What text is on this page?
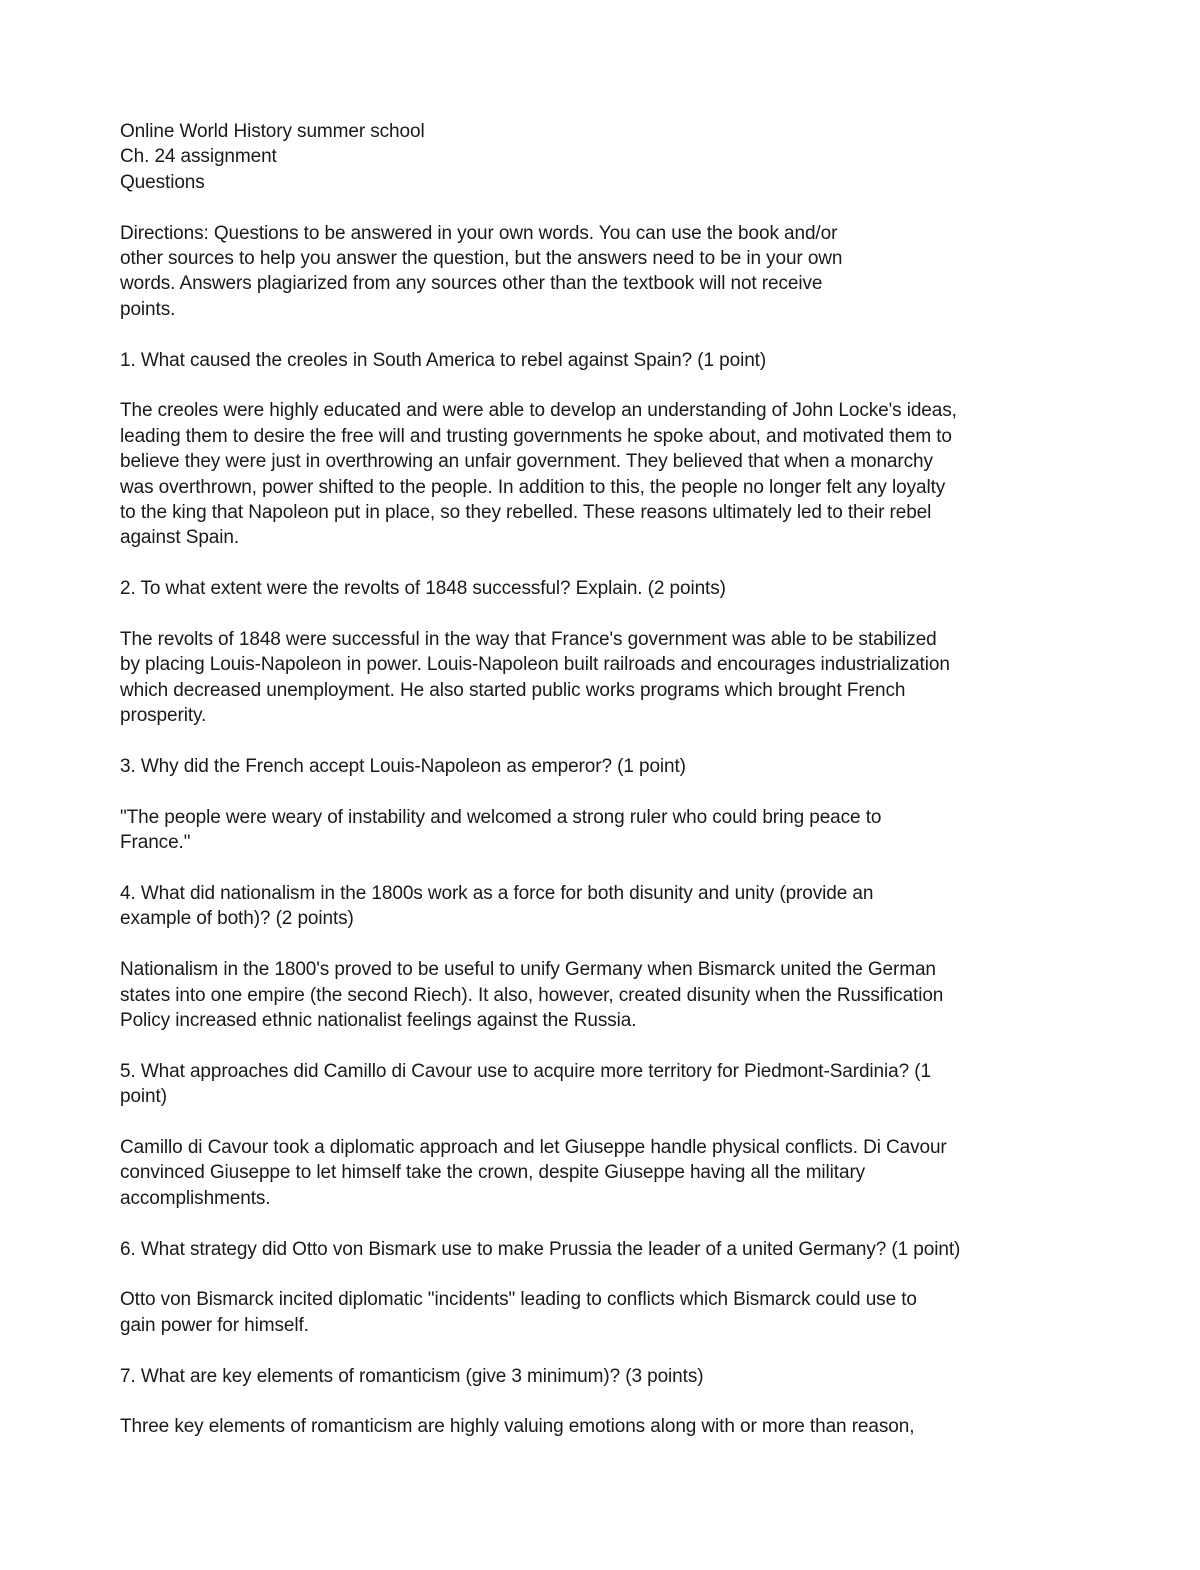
Online World History summer school
Ch. 24 assignment
Questions
Directions: Questions to be answered in your own words. You can use the book and/or
other sources to help you answer the question, but the answers need to be in your own
words. Answers plagiarized from any sources other than the textbook will not receive
points.
1. What caused the creoles in South America to rebel against Spain? (1 point)
The creoles were highly educated and were able to develop an understanding of John Locke's ideas,
leading them to desire the free will and trusting governments he spoke about, and motivated them to
believe they were just in overthrowing an unfair government. They believed that when a monarchy
was overthrown, power shifted to the people. In addition to this, the people no longer felt any loyalty
to the king that Napoleon put in place, so they rebelled. These reasons ultimately led to their rebel
against Spain.
2. To what extent were the revolts of 1848 successful? Explain. (2 points)
The revolts of 1848 were successful in the way that France's government was able to be stabilized
by placing Louis-Napoleon in power. Louis-Napoleon built railroads and encourages industrialization
which decreased unemployment. He also started public works programs which brought French
prosperity.
3. Why did the French accept Louis-Napoleon as emperor? (1 point)
"The people were weary of instability and welcomed a strong ruler who could bring peace to
France."
4. What did nationalism in the 1800s work as a force for both disunity and unity (provide an
example of both)? (2 points)
Nationalism in the 1800's proved to be useful to unify Germany when Bismarck united the German
states into one empire (the second Riech). It also, however, created disunity when the Russification
Policy increased ethnic nationalist feelings against the Russia.
5. What approaches did Camillo di Cavour use to acquire more territory for Piedmont-Sardinia? (1
point)
Camillo di Cavour took a diplomatic approach and let Giuseppe handle physical conflicts. Di Cavour
convinced Giuseppe to let himself take the crown, despite Giuseppe having all the military
accomplishments.
6. What strategy did Otto von Bismark use to make Prussia the leader of a united Germany? (1 point)
Otto von Bismarck incited diplomatic "incidents" leading to conflicts which Bismarck could use to
gain power for himself.
7. What are key elements of romanticism (give 3 minimum)? (3 points)
Three key elements of romanticism are highly valuing emotions along with or more than reason,
